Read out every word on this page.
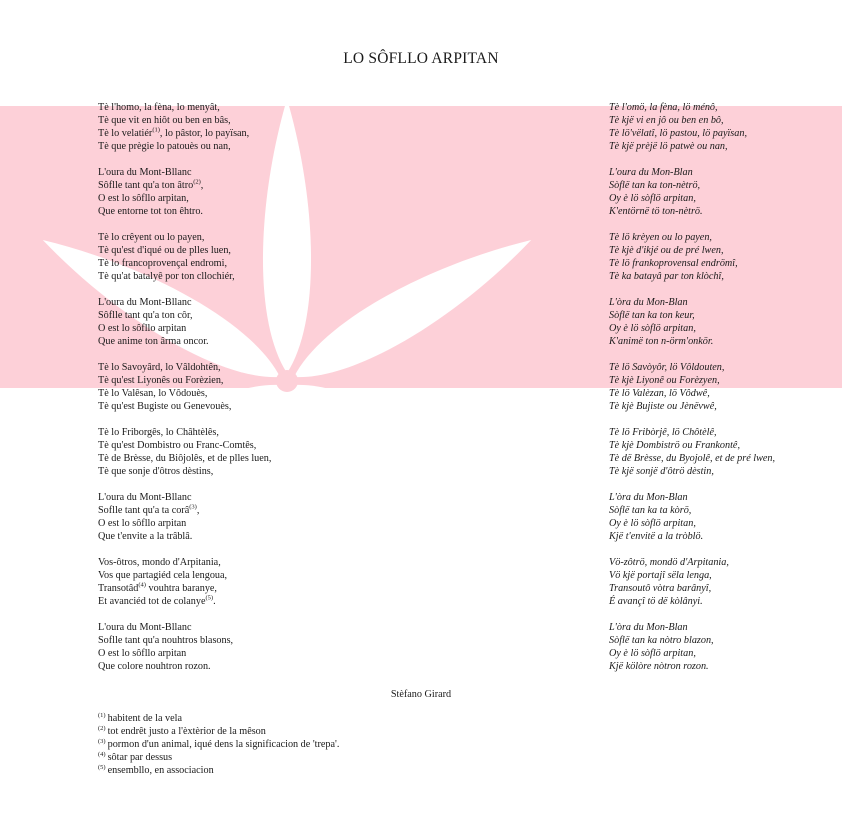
LO SÔFLLO ARPITAN
Tè l'homo, la fèna, lo menyât,
Tè que vit en hiôt ou ben en bâs,
Tè lo velatiér$^{(1)}$, lo pâstor, lo payïsan,
Tè que prègie lo patouès ou nan,
L'oura du Mont-Bllanc
Sôflle tant qu'a ton âtro$^{(2)}$,
O est lo sôfllo arpitan,
Que entorne tot ton êhtro.
Tè lo crêyent ou lo payen,
Tè qu'est d'iqué ou de plles luen,
Tè lo francoprovençal endromi,
Tè qu'at batalyê por ton cllochiér,
L'oura du Mont-Bllanc
Sôflle tant qu'a ton côr,
O est lo sôfllo arpitan
Que anime ton ârma oncor.
Tè lo Savoyârd, lo Vâldohtên,
Tè qu'est Liyonês ou Forèzien,
Tè lo Valêsan, lo Vôdouès,
Tè qu'est Bugiste ou Genevouès,
Tè lo Friborgês, lo Châhtèlês,
Tè qu'est Dombistro ou Franc-Comtês,
Tè de Brèsse, du Biôjolês, et de plles luen,
Tè que sonje d'ôtros dèstins,
L'oura du Mont-Bllanc
Soflle tant qu'a ta corâ$^{(3)}$,
O est lo sôfllo arpitan
Que t'envite a la trâblâ.
Vos-ôtros, mondo d'Arpitania,
Vos que partagiéd cela lengoua,
Transotâd$^{(4)}$ vouhtra baranye,
Et avanciéd tot de colanye$^{(5)}$.
L'oura du Mont-Bllanc
Soflle tant qu'a nouhtros blasons,
O est lo sôfllo arpitan
Que colore nouhtron rozon.
Tè l'omö, la fèna, lö ménô,
Tè kjë vi en jô ou ben en bô,
Tè lö'vëlatî, lö pastou, lö payïsan,
Tè kjë prèjë lö patwè ou nan,
L'oura du Mon-Blan
Sòflë tan ka ton-nètrö,
Oy è lö sòflö arpitan,
K'entörnë tö ton-nètrö.
Tè lö krèyen ou lo payen,
Tè kjè d'ikjé ou de pré lwen,
Tè lö frankoprovensal endrömî,
Tè ka batayâ par ton klòchî,
L'òra du Mon-Blan
Sòflë tan ka ton keur,
Oy è lö sòflö arpitan,
K'animë ton n-örm'onkör.
Tè lö Savòyôr, lö Vôldouten,
Tè kjè Liyonê ou Forèzyen,
Tè lö Valèzan, lö Vôdwê,
Tè kjè Bujiste ou Jènëvwê,
Tè lö Fribòrjê, lö Chôtèlê,
Tè kjè Dombiströ ou Frankontê,
Tè dë Brèsse, du Byojolê, et de pré lwen,
Tè kjë sonjë d'ôtrö dèstin,
L'òra du Mon-Blan
Sòflë tan ka ta kòrö,
Oy è lö sòflö arpitan,
Kjë t'envitë a la tròblö.
Vö-zôtrö, mondö d'Arpitania,
Vö kjë portajî sëla lenga,
Transoutô vòtra barânyî,
É avançî tö dë kòlânyi.
L'òra du Mon-Blan
Sòflë tan ka nòtro blazon,
Oy è lö sòflö arpitan,
Kjë kölòre nòtron rozon.
Stèfano Girard
$^{(1)}$ habitent de la vela
$^{(2)}$ tot endrêt justo a l'èxtèrior de la mêson
$^{(3)}$ pormon d'un animal, iqué dens la significacion de 'trepa'.
$^{(4)}$ sôtar par dessus
$^{(5)}$ ensembllo, en associacion
